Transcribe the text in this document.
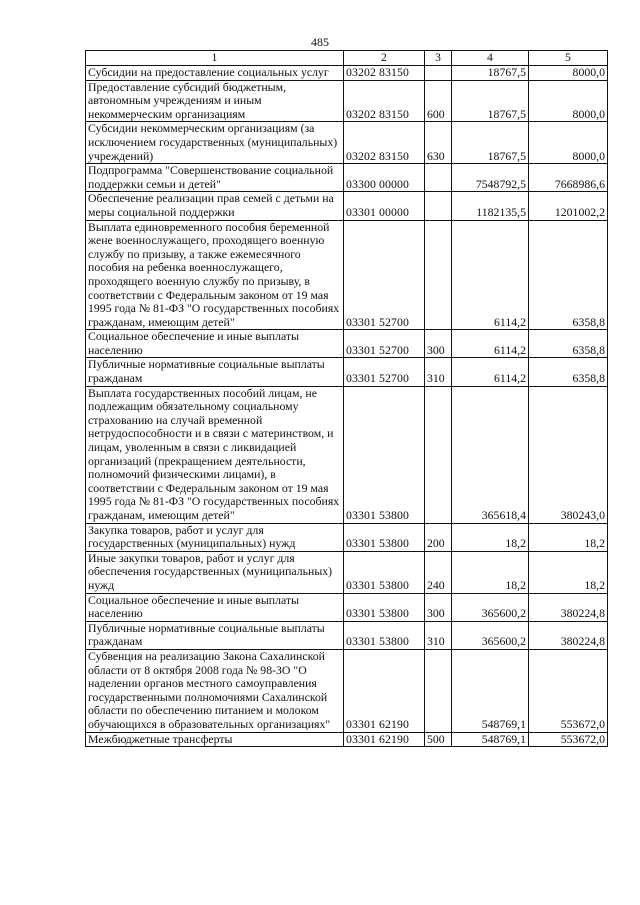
485
1	2	3	4	5
Субсидии на предоставление социальных услуг	03202 83150		18767,5	8000,0
Предоставление субсидий бюджетным, автономным учреждениям и иным некоммерческим организациям	03202 83150	600	18767,5	8000,0
Субсидии некоммерческим организациям (за исключением государственных (муниципальных) учреждений)	03202 83150	630	18767,5	8000,0
Подпрограмма "Совершенствование социальной поддержки семьи и детей"	03300 00000		7548792,5	7668986,6
Обеспечение реализации прав семей с детьми на меры социальной поддержки	03301 00000		1182135,5	1201002,2
Выплата единовременного пособия беременной жене военнослужащего, проходящего военную службу по призыву, а также ежемесячного пособия на ребенка военнослужащего, проходящего военную службу по призыву, в соответствии с Федеральным законом от 19 мая 1995 года № 81-ФЗ "О государственных пособиях гражданам, имеющим детей"	03301 52700		6114,2	6358,8
Социальное обеспечение и иные выплаты населению	03301 52700	300	6114,2	6358,8
Публичные нормативные социальные выплаты гражданам	03301 52700	310	6114,2	6358,8
Выплата государственных пособий лицам, не подлежащим обязательному социальному страхованию на случай временной нетрудоспособности и в связи с материнством, и лицам, уволенным в связи с ликвидацией организаций (прекращением деятельности, полномочий физическими лицами), в соответствии с Федеральным законом от 19 мая 1995 года № 81-ФЗ "О государственных пособиях гражданам, имеющим детей"	03301 53800		365618,4	380243,0
Закупка товаров, работ и услуг для государственных (муниципальных) нужд	03301 53800	200	18,2	18,2
Иные закупки товаров, работ и услуг для обеспечения государственных (муниципальных) нужд	03301 53800	240	18,2	18,2
Социальное обеспечение и иные выплаты населению	03301 53800	300	365600,2	380224,8
Публичные нормативные социальные выплаты гражданам	03301 53800	310	365600,2	380224,8
Субвенция на реализацию Закона Сахалинской области от 8 октября 2008 года № 98-ЗО "О наделении органов местного самоуправления государственными полномочиями Сахалинской области по обеспечению питанием и молоком обучающихся в образовательных организациях"	03301 62190		548769,1	553672,0
Межбюджетные трансферты	03301 62190	500	548769,1	553672,0
